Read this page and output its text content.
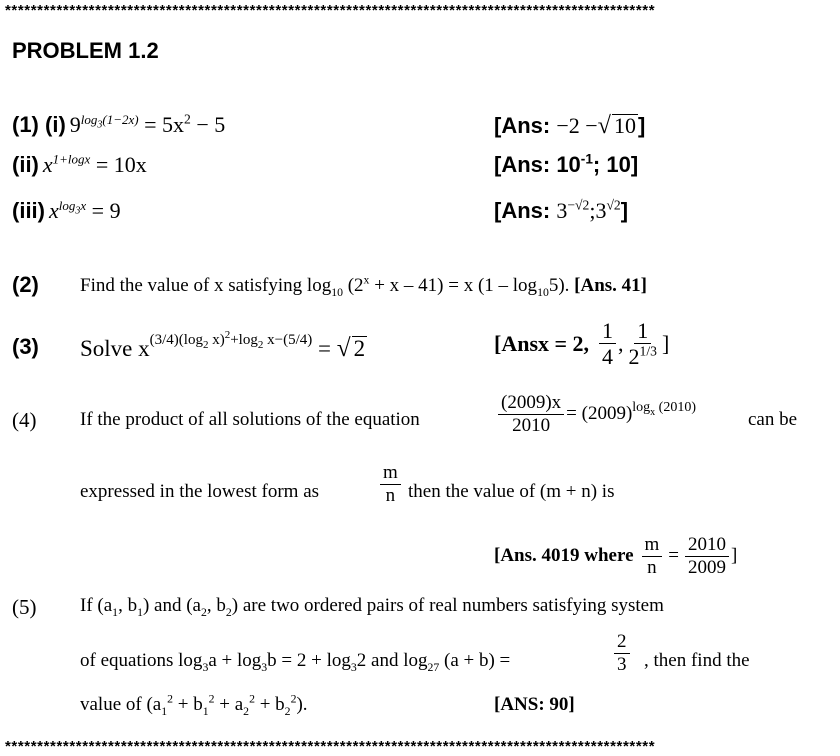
*****************************************************************************************************
PROBLEM 1.2
(1) (i) $9^{log_3(1-2x)} = 5x^2 - 5$	[Ans: −2 −√ 10]
(ii) $x^{1+logx} = 10x$	[Ans: $10^{-1}$; 10]
(iii) $x^{log_3x} = 9$	[Ans: $3^{-√2};3^{√2}$]
(2) Find the value of x satisfying $\log_{10} (2^x + x - 41) = x$ $(1 - \log_{10}5)$. [Ans. 41]
(3) Solve $x(3/4)(\log_2$ $x)^2+\log_2$ x−(5/4) = √ 2	[Ansx = 2, $\frac{1}{4}$ , $\frac{1}{2^{1/3}}$ ]
(4) If the product of all solutions of the equation	$\frac{(2009)x}{2010} = (2009)$ $^{log_x (2010)}$
can be
expressed in the lowest form as	$\frac{m}{n}$ then the value of (m + n) is
[Ans. 4019 where $\frac{m}{n} = \frac{2010}{2009}$ ]
(5) If ($a_1$, $b_1$) and ($a_2$, $b_2$) are two ordered pairs of real numbers satisfying system
of equations $\log_3a + \log_3b = 2 + \log_32$ and $\log_{27} (a + b)$ =	$\frac{2}{3}$ , then find the
value of $(a_1^2 + b_1^2 + a_2^2 + b_2^2)$.	[ANS: 90]
*****************************************************************************************************
